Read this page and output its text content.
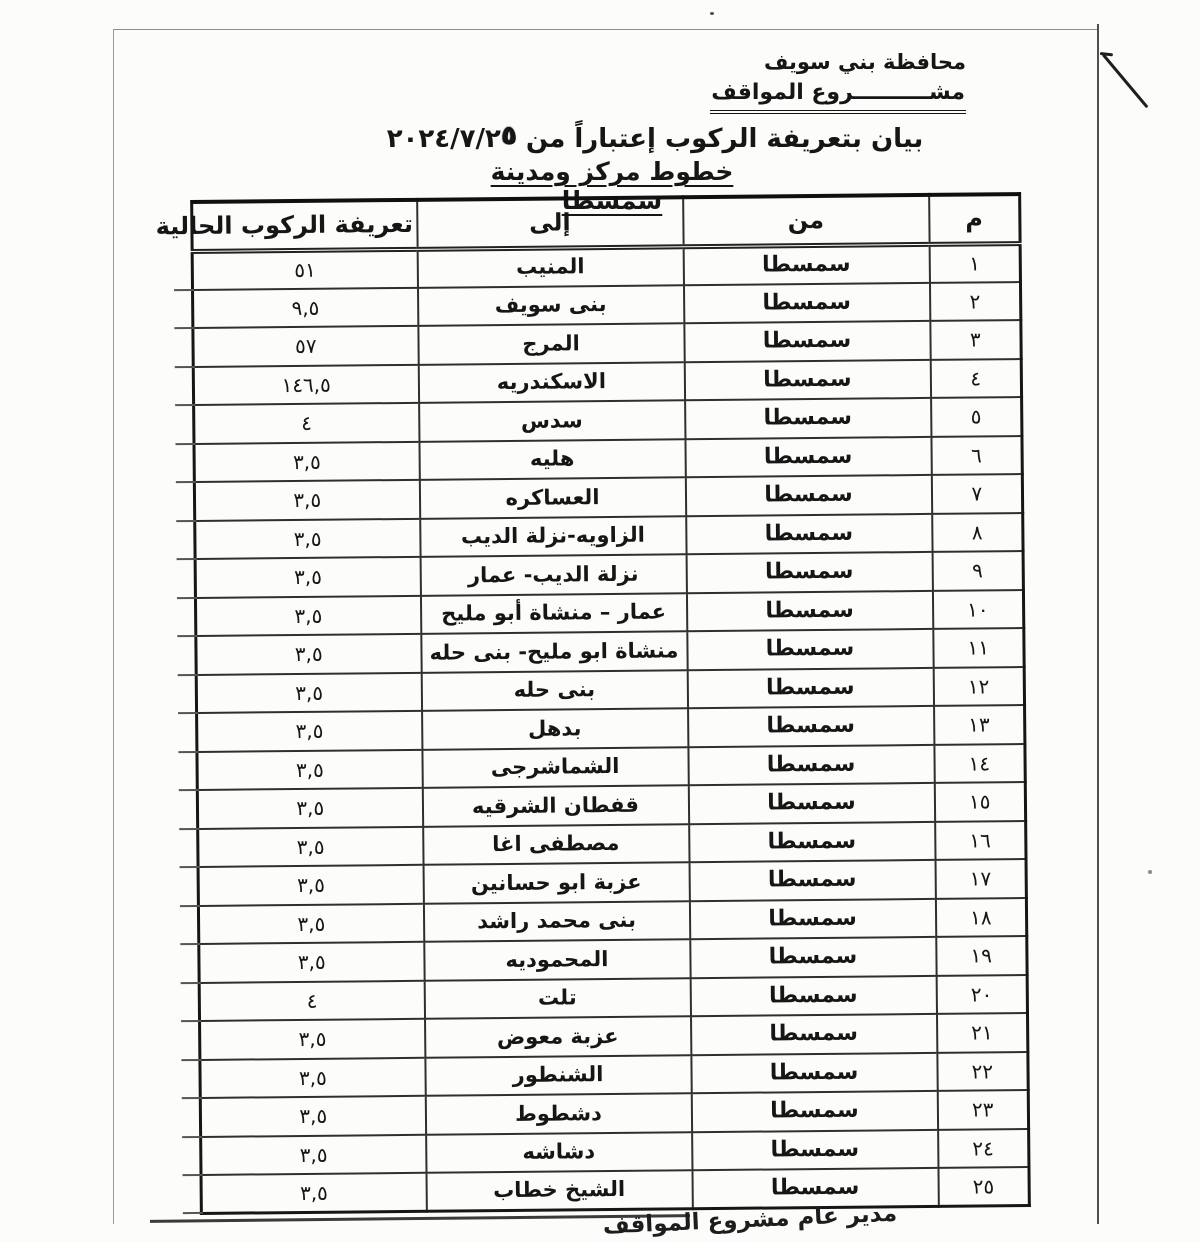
محافظة بني سويف
مشــــــــــروع المواقف
بيان بتعريفة الركوب إعتباراً من ٢٠٢٤/٧/٢٥
خطوط مركز ومدينة سمسطا
م	من	إلى	تعريفة الركوب الحالية
١	سمسطا	المنيب	٥١
٢	سمسطا	بنى سويف	٩,٥
٣	سمسطا	المرج	٥٧
٤	سمسطا	الاسكندريه	١٤٦,٥
٥	سمسطا	سدس	٤
٦	سمسطا	هليه	٣,٥
٧	سمسطا	العساكره	٣,٥
٨	سمسطا	الزاويه-نزلة الديب	٣,٥
٩	سمسطا	نزلة الديب- عمار	٣,٥
١٠	سمسطا	عمار – منشاة أبو مليح	٣,٥
١١	سمسطا	منشاة ابو مليح- بنى حله	٣,٥
١٢	سمسطا	بنى حله	٣,٥
١٣	سمسطا	بدهل	٣,٥
١٤	سمسطا	الشماشرجى	٣,٥
١٥	سمسطا	قفطان الشرقيه	٣,٥
١٦	سمسطا	مصطفى اغا	٣,٥
١٧	سمسطا	عزبة ابو حسانين	٣,٥
١٨	سمسطا	بنى محمد راشد	٣,٥
١٩	سمسطا	المحموديه	٣,٥
٢٠	سمسطا	تلت	٤
٢١	سمسطا	عزبة معوض	٣,٥
٢٢	سمسطا	الشنطور	٣,٥
٢٣	سمسطا	دشطوط	٣,٥
٢٤	سمسطا	دشاشه	٣,٥
٢٥	سمسطا	الشيخ خطاب	٣,٥
مدير عام مشروع المواقف
